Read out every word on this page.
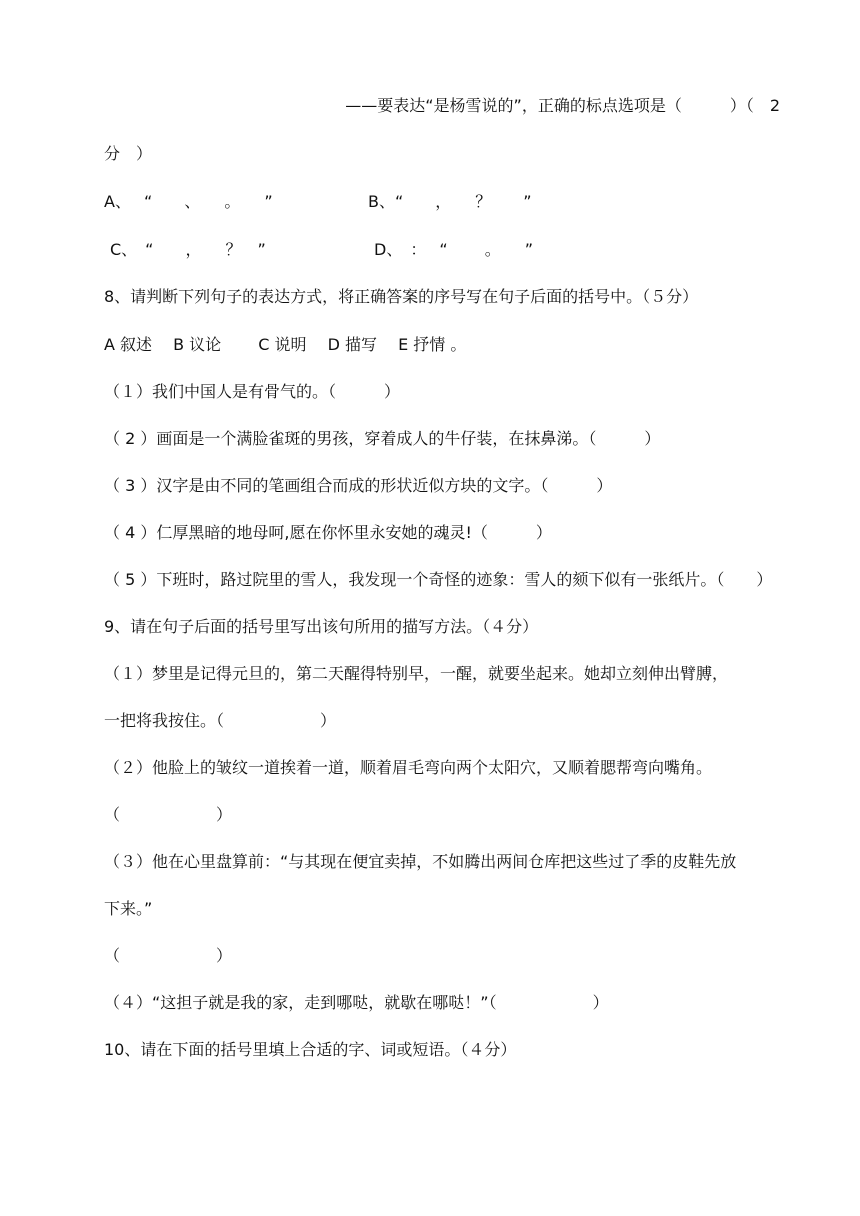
——要表达“是杨雪说的”，正确的标点选项是（　　　）（　2
分　）
A、　 “　　、　　。　　”	B、“　　，　　？　　”
C、　“　　，　　？　”	D、　：　 “　　 。　　”
8、请判断下列句子的表达方式，将正确答案的序号写在句子后面的括号中。（５分）
A 叙述　 B 议论　　 C 说明　 D 描写　 E 抒情 。
（１）我们中国人是有骨气的。（　　　）
（ 2 ）画面是一个满脸雀斑的男孩，穿着成人的牛仔装，在抹鼻涕。（　　　）
（ 3 ）汉字是由不同的笔画组合而成的形状近似方块的文字。（　　　）
（ 4 ）仁厚黑暗的地母呵,愿在你怀里永安她的魂灵!（　　　）
（ 5 ）下班时，路过院里的雪人，我发现一个奇怪的迹象：雪人的颏下似有一张纸片。（　　）
9、请在句子后面的括号里写出该句所用的描写方法。（４分）
（１）梦里是记得元旦的，第二天醒得特别早，一醒，就要坐起来。她却立刻伸出臂膊，
一把将我按住。（　　　　　　）
（２）他脸上的皱纹一道挨着一道，顺着眉毛弯向两个太阳穴，又顺着腮帮弯向嘴角。
（　　　　　　）
（３）他在心里盘算前：“与其现在便宜卖掉，不如腾出两间仓库把这些过了季的皮鞋先放
下来。”
（　　　　　　）
（４）“这担子就是我的家，走到哪哒，就歇在哪哒！”（　　　　　　）
10、请在下面的括号里填上合适的字、词或短语。（４分）
